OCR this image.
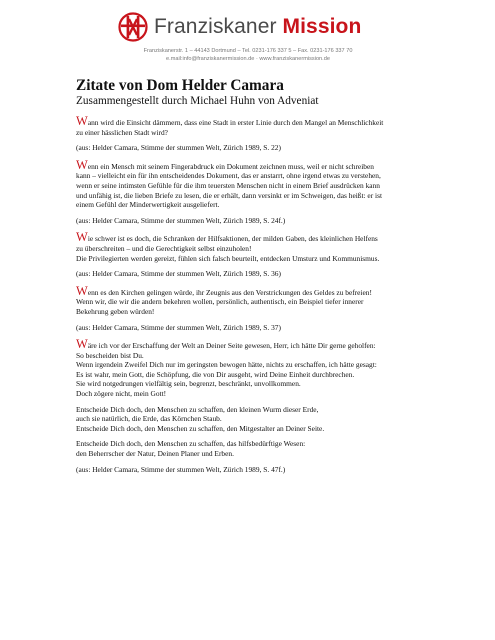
Franziskaner Mission
Franziskanerstr. 1 – 44143 Dortmund – Tel. 0231-176 337 5 – Fax. 0231-176 337 70
e.mail:info@franziskanermission.de · www.franziskanermission.de
Zitate von Dom Helder Camara
Zusammengestellt durch Michael Huhn von Adveniat

Wann wird die Einsicht dämmern, dass eine Stadt in erster Linie durch den Mangel an Menschlichkeit
zu einer hässlichen Stadt wird?

(aus: Helder Camara, Stimme der stummen Welt, Zürich 1989, S. 22)

Wenn ein Mensch mit seinem Fingerabdruck ein Dokument zeichnen muss, weil er nicht schreiben
kann – vielleicht ein für ihn entscheidendes Dokument, das er anstarrt, ohne irgend etwas zu verstehen,
wenn er seine intimsten Gefühle für die ihm teuersten Menschen nicht in einem Brief ausdrücken kann
und unfähig ist, die lieben Briefe zu lesen, die er erhält, dann versinkt er im Schweigen, das heißt: er ist
einem Gefühl der Minderwertigkeit ausgeliefert.

(aus: Helder Camara, Stimme der stummen Welt, Zürich 1989, S. 24f.)

Wie schwer ist es doch, die Schranken der Hilfsaktionen, der milden Gaben, des kleinlichen Helfens
zu überschreiten – und die Gerechtigkeit selbst einzuholen!
Die Privilegierten werden gereizt, fühlen sich falsch beurteilt, entdecken Umsturz und Kommunismus.

(aus: Helder Camara, Stimme der stummen Welt, Zürich 1989, S. 36)

Wenn es den Kirchen gelingen würde, ihr Zeugnis aus den Verstrickungen des Geldes zu befreien!
Wenn wir, die wir die andern bekehren wollen, persönlich, authentisch, ein Beispiel tiefer innerer
Bekehrung geben würden!

(aus: Helder Camara, Stimme der stummen Welt, Zürich 1989, S. 37)

Wäre ich vor der Erschaffung der Welt an Deiner Seite gewesen, Herr, ich hätte Dir gerne geholfen:
So bescheiden bist Du.
Wenn irgendein Zweifel Dich nur im geringsten bewogen hätte, nichts zu erschaffen, ich hätte gesagt:
Es ist wahr, mein Gott, die Schöpfung, die von Dir ausgeht, wird Deine Einheit durchbrechen.
Sie wird notgedrungen vielfältig sein, begrenzt, beschränkt, unvollkommen.
Doch zögere nicht, mein Gott!

Entscheide Dich doch, den Menschen zu schaffen, den kleinen Wurm dieser Erde,
auch sie natürlich, die Erde, das Körnchen Staub.
Entscheide Dich doch, den Menschen zu schaffen, den Mitgestalter an Deiner Seite.

Entscheide Dich doch, den Menschen zu schaffen, das hilfsbedürftige Wesen:
den Beherrscher der Natur, Deinen Planer und Erben.

(aus: Helder Camara, Stimme der stummen Welt, Zürich 1989, S. 47f.)
